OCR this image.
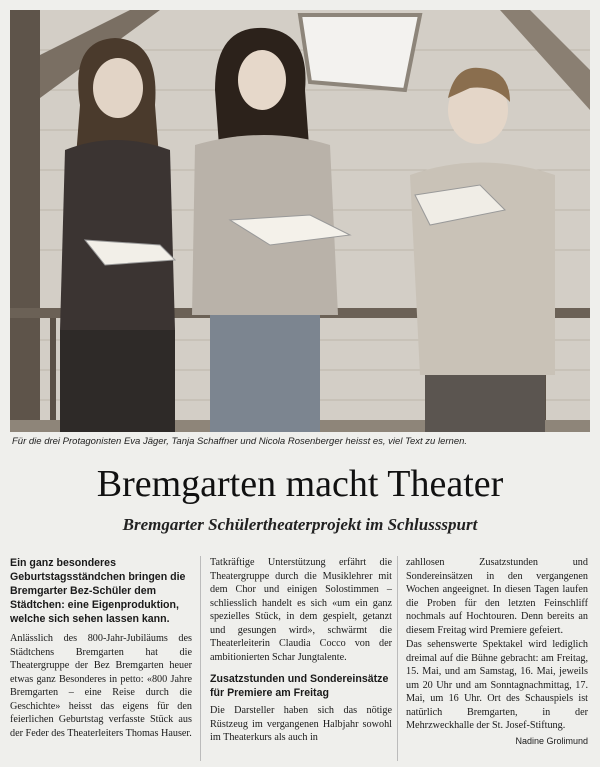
Für die drei Protagonisten Eva Jäger, Tanja Schaffner und Nicola Rosenberger heisst es, viel Text zu lernen.
Bremgarten macht Theater
Bremgarter Schülertheaterprojekt im Schlussspurt

Ein ganz besonderes Geburtstagsständchen bringen die Bremgarter Bez-Schüler dem Städtchen: eine Eigenproduktion, welche sich sehen lassen kann.

Anlässlich des 800-Jahr-Jubiläums des Städtchens Bremgarten hat die Theatergruppe der Bez Bremgarten heuer etwas ganz Besonderes in petto: «800 Jahre Bremgarten – eine Reise durch die Geschichte» heisst das eigens für den feierlichen Geburtstag verfasste Stück aus der Feder des Theaterleiters Thomas Hauser.

Tatkräftige Unterstützung erfährt die Theatergruppe durch die Musiklehrer mit dem Chor und einigen Solostimmen – schliesslich handelt es sich «um ein ganz spezielles Stück, in dem gespielt, getanzt und gesungen wird», schwärmt die Theaterleiterin Claudia Cocco von der ambitionierten Schar Jungtalente.

Zusatzstunden und Sondereinsätze für Premiere am Freitag

Die Darsteller haben sich das nötige Rüstzeug im vergangenen Halbjahr sowohl im Theaterkurs als auch in

zahllosen Zusatzstunden und Sondereinsätzen in den vergangenen Wochen angeeignet. In diesen Tagen laufen die Proben für den letzten Feinschliff nochmals auf Hochtouren. Denn bereits an diesem Freitag wird Premiere gefeiert.

Das sehenswerte Spektakel wird lediglich dreimal auf die Bühne gebracht: am Freitag, 15. Mai, und am Samstag, 16. Mai, jeweils um 20 Uhr und am Sonntagnachmittag, 17. Mai, um 16 Uhr. Ort des Schauspiels ist natürlich Bremgarten, in der Mehrzweckhalle der St. Josef-Stiftung.

Nadine Grolimund
